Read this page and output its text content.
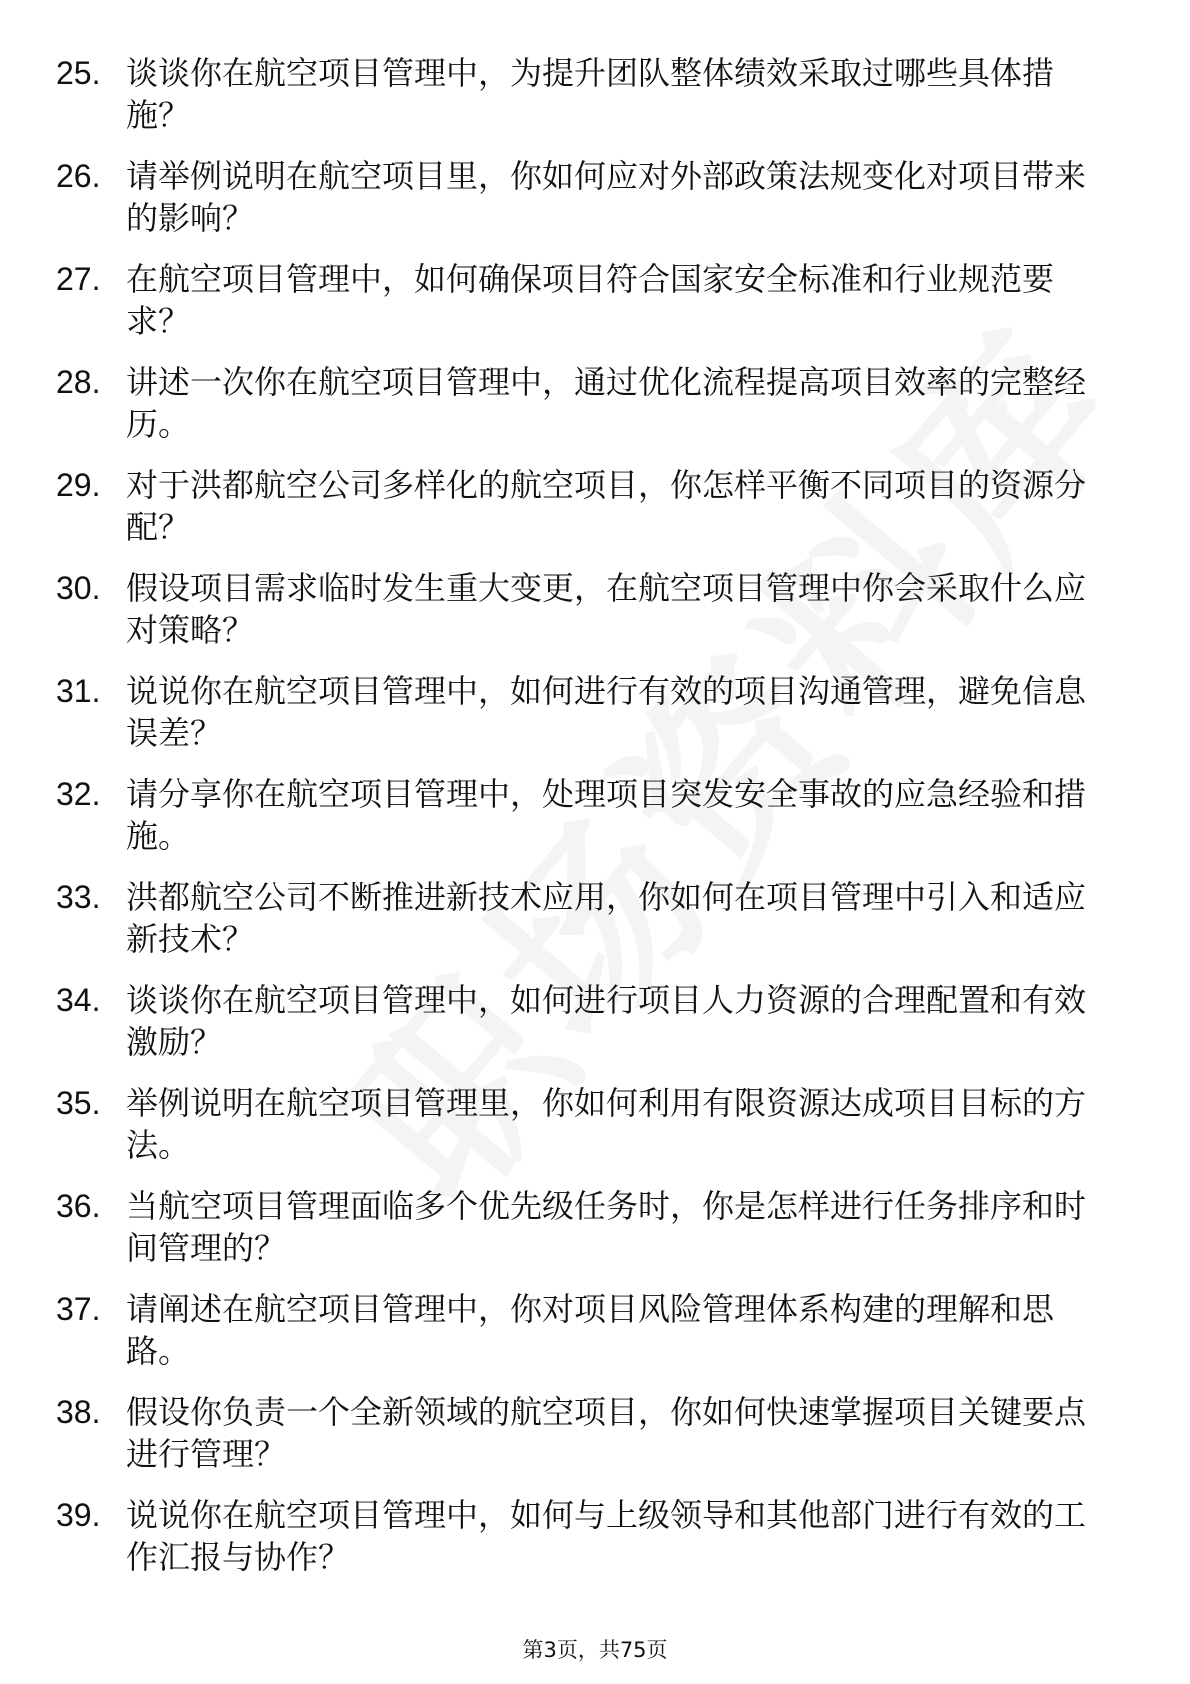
25. 谈谈你在航空项目管理中，为提升团队整体绩效采取过哪些具体措施？
26. 请举例说明在航空项目里，你如何应对外部政策法规变化对项目带来的影响？
27. 在航空项目管理中，如何确保项目符合国家安全标准和行业规范要求？
28. 讲述一次你在航空项目管理中，通过优化流程提高项目效率的完整经历。
29. 对于洪都航空公司多样化的航空项目，你怎样平衡不同项目的资源分配？
30. 假设项目需求临时发生重大变更，在航空项目管理中你会采取什么应对策略？
31. 说说你在航空项目管理中，如何进行有效的项目沟通管理，避免信息误差？
32. 请分享你在航空项目管理中，处理项目突发安全事故的应急经验和措施。
33. 洪都航空公司不断推进新技术应用，你如何在项目管理中引入和适应新技术？
34. 谈谈你在航空项目管理中，如何进行项目人力资源的合理配置和有效激励？
35. 举例说明在航空项目管理里，你如何利用有限资源达成项目目标的方法。
36. 当航空项目管理面临多个优先级任务时，你是怎样进行任务排序和时间管理的？
37. 请阐述在航空项目管理中，你对项目风险管理体系构建的理解和思路。
38. 假设你负责一个全新领域的航空项目，你如何快速掌握项目关键要点进行管理？
39. 说说你在航空项目管理中，如何与上级领导和其他部门进行有效的工作汇报与协作？
第3页，共75页
